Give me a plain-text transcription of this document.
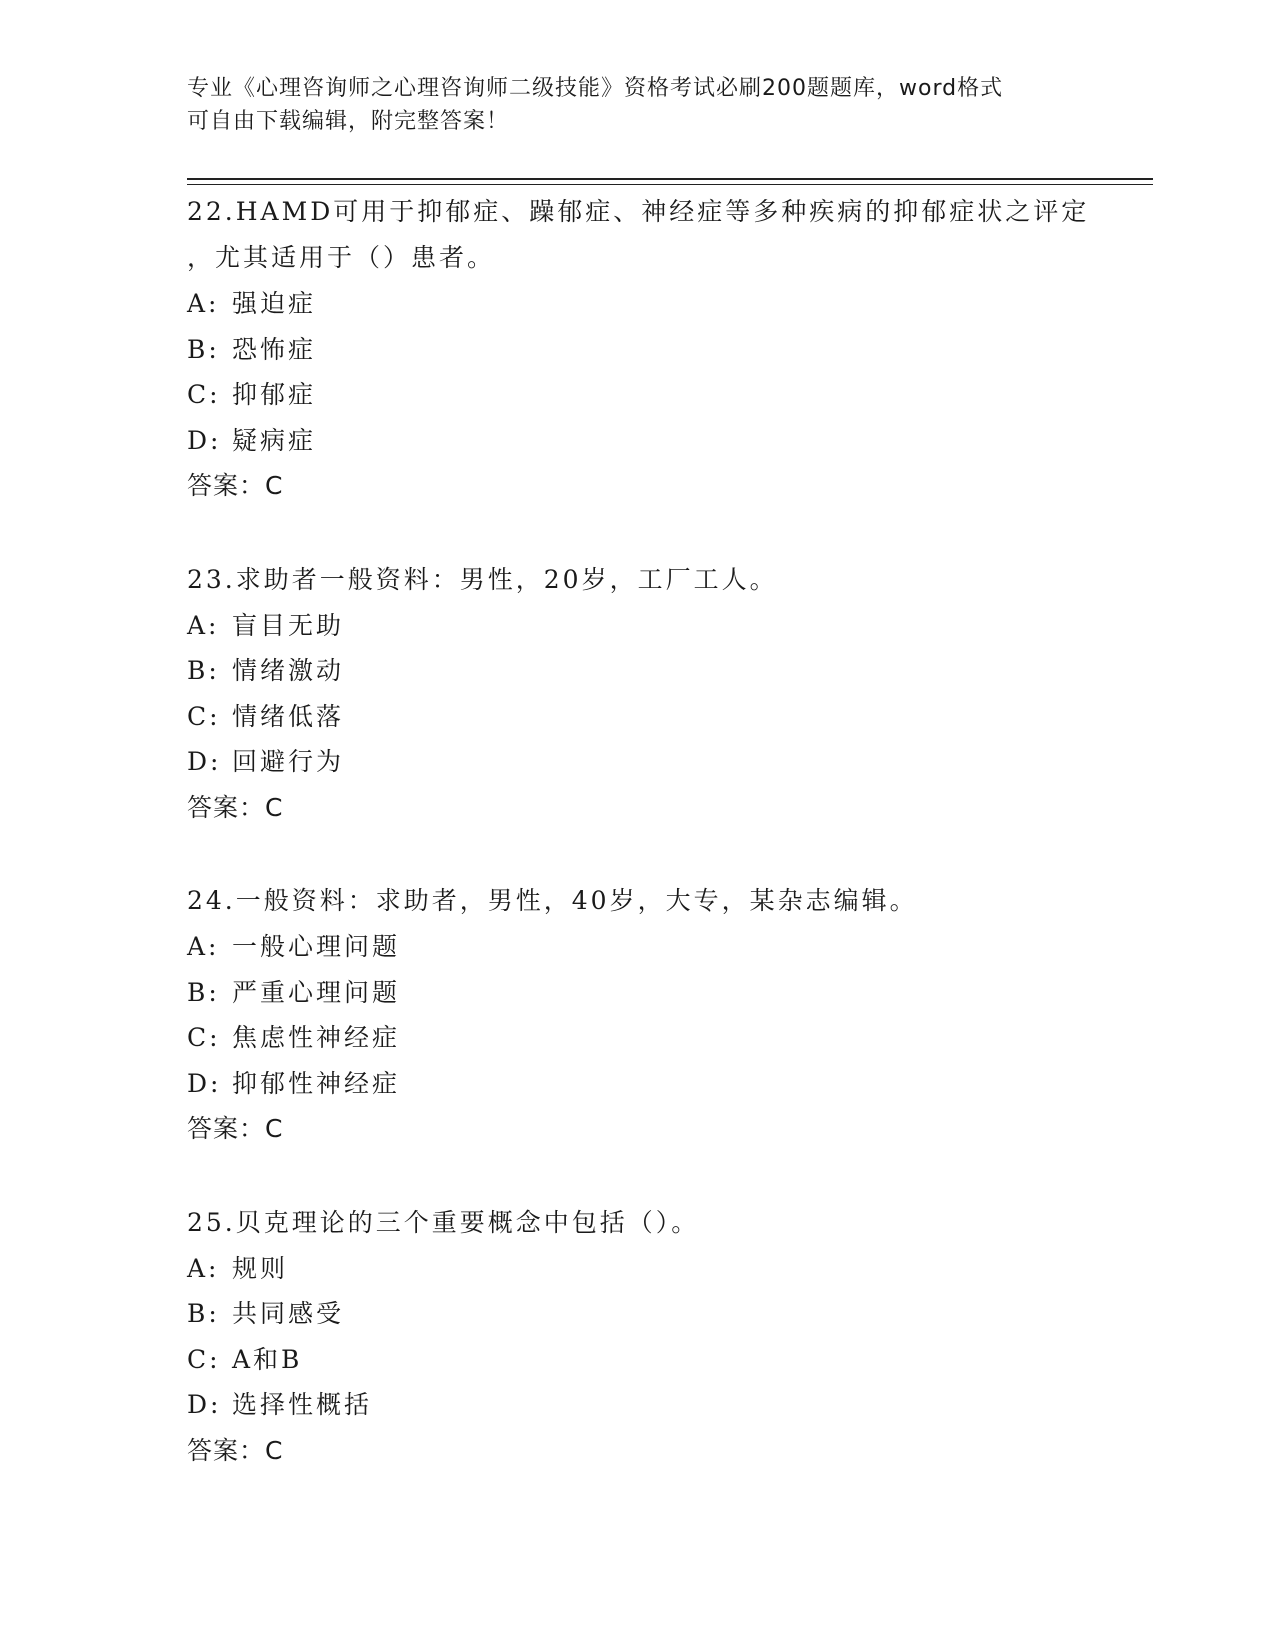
专业《心理咨询师之心理咨询师二级技能》资格考试必刷200题题库，word格式
可自由下载编辑，附完整答案！
22.HAMD可用于抑郁症、躁郁症、神经症等多种疾病的抑郁症状之评定
，尤其适用于（）患者。
A: 强迫症
B: 恐怖症
C: 抑郁症
D: 疑病症
答案：C
23.求助者一般资料：男性，20岁，工厂工人。
A: 盲目无助
B: 情绪激动
C: 情绪低落
D: 回避行为
答案：C
24.一般资料：求助者，男性，40岁，大专，某杂志编辑。
A: 一般心理问题
B: 严重心理问题
C: 焦虑性神经症
D: 抑郁性神经症
答案：C
25.贝克理论的三个重要概念中包括（）。
A: 规则
B: 共同感受
C: A和B
D: 选择性概括
答案：C
